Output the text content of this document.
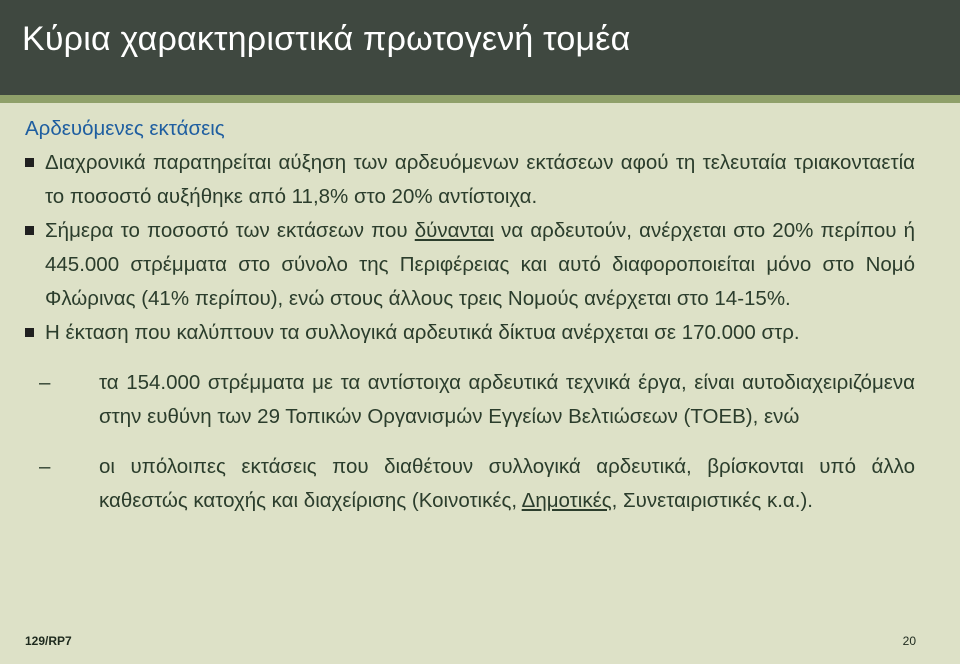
Κύρια χαρακτηριστικά πρωτογενή τομέα
Αρδευόμενες εκτάσεις

Διαχρονικά παρατηρείται αύξηση των αρδευόμενων εκτάσεων αφού τη τελευταία τριακονταετία το ποσοστό αυξήθηκε από 11,8% στο 20% αντίστοιχα.

Σήμερα το ποσοστό των εκτάσεων που δύνανται να αρδευτούν, ανέρχεται στο 20% περίπου ή 445.000 στρέμματα στο σύνολο της Περιφέρειας και αυτό διαφοροποιείται μόνο στο Νομό Φλώρινας (41% περίπου), ενώ στους άλλους τρεις Νομούς ανέρχεται στο 14-15%.

Η έκταση που καλύπτουν τα συλλογικά αρδευτικά δίκτυα ανέρχεται σε 170.000 στρ.

– τα 154.000 στρέμματα με τα αντίστοιχα αρδευτικά τεχνικά έργα, είναι αυτοδιαχειριζόμενα στην ευθύνη των 29 Τοπικών Οργανισμών Εγγείων Βελτιώσεων (ΤΟΕΒ), ενώ

– οι υπόλοιπες εκτάσεις που διαθέτουν συλλογικά αρδευτικά, βρίσκονται υπό άλλο καθεστώς κατοχής και διαχείρισης (Κοινοτικές, Δημοτικές, Συνεταιριστικές κ.α.).

129/RP7	20
